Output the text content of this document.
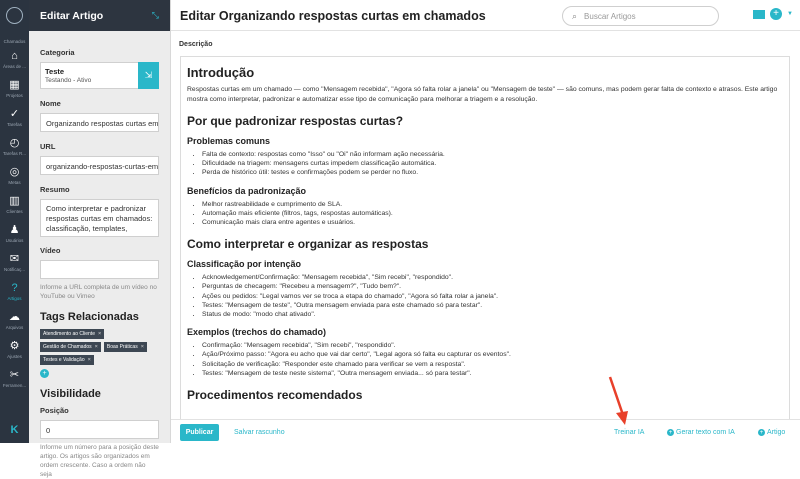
Chamados
⌂
Áreas de ...
▦
Projetos
✓
Tarefas
◴
Tarefas R...
◎
Metas
▥
Clientes
♟
Usuários
✉
Notificaç...
?
Artigos
☁
Arquivos
⚙
Ajustes
✂
Ferramen...
K
Editar Artigo	⤡
Categoria
Teste
Testando - Ativo
⇲
Nome
Organizando respostas curtas em
URL
organizando-respostas-curtas-em
Resumo
Como interpretar e padronizar respostas curtas em chamados: classificação, templates,
Vídeo
Informe a URL completa de um vídeo no YouTube ou Vimeo
Tags Relacionadas
Atendimento ao Cliente ×
Gestão de Chamados × Boas Práticas ×
Testes e Validação ×
+
Visibilidade
Posição
0
Informe um número para a posição deste artigo. Os artigos são organizados em ordem crescente. Caso a ordem não seja
Editar Organizando respostas curtas em chamados	⌕ Buscar Artigos	+	▼
Descrição
Introdução
Respostas curtas em um chamado — como "Mensagem recebida", "Agora só falta rolar a janela" ou "Mensagem de teste" — são comuns, mas podem gerar falta de contexto e atrasos. Este artigo mostra como interpretar, padronizar e automatizar esse tipo de comunicação para melhorar a triagem e a resolução.
Por que padronizar respostas curtas?
Problemas comuns
• Falta de contexto: respostas como "Isso" ou "Oi" não informam ação necessária.
• Dificuldade na triagem: mensagens curtas impedem classificação automática.
• Perda de histórico útil: testes e confirmações podem se perder no fluxo.
Benefícios da padronização
• Melhor rastreabilidade e cumprimento de SLA.
• Automação mais eficiente (filtros, tags, respostas automáticas).
• Comunicação mais clara entre agentes e usuários.
Como interpretar e organizar as respostas
Classificação por intenção
• Acknowledgement/Confirmação: "Mensagem recebida", "Sim recebi", "respondido".
• Perguntas de checagem: "Recebeu a mensagem?", "Tudo bem?".
• Ações ou pedidos: "Legal vamos ver se troca a etapa do chamado", "Agora só falta rolar a janela".
• Testes: "Mensagem de teste", "Outra mensagem enviada para este chamado só para testar".
• Status de modo: "modo chat ativado".
Exemplos (trechos do chamado)
• Confirmação: "Mensagem recebida", "Sim recebi", "respondido".
• Ação/Próximo passo: "Agora eu acho que vai dar certo", "Legal agora só falta eu capturar os eventos".
• Solicitação de verificação: "Responder este chamado para verificar se vem a resposta".
• Testes: "Mensagem de teste neste sistema", "Outra mensagem enviada... só para testar".
Procedimentos recomendados
Publicar	Salvar rascunho	Treinar IA	+ Gerar texto com IA	+ Artigo
